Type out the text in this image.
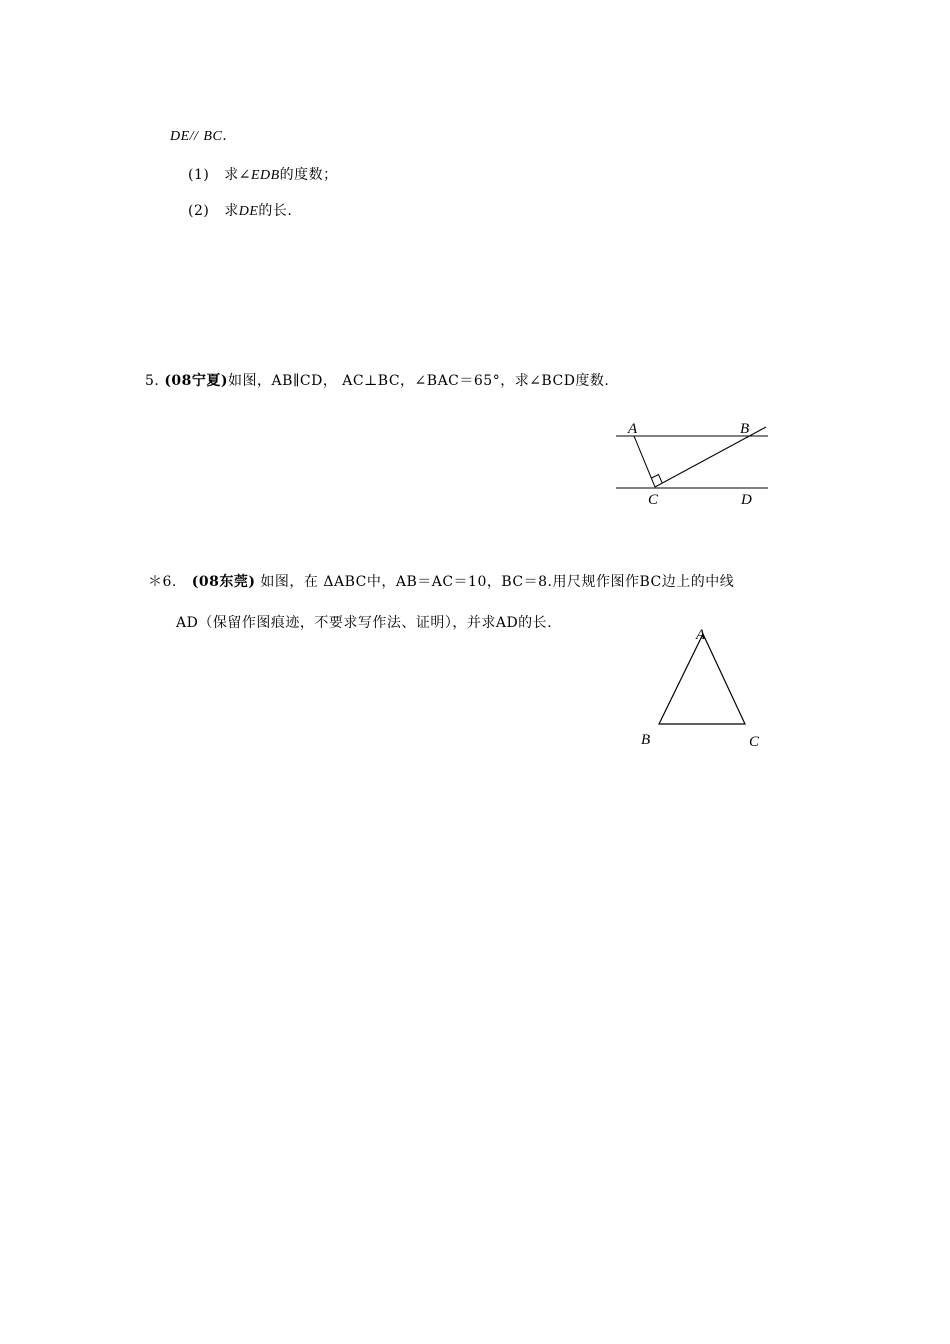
DE// BC.
(1) 求∠EDB的度数；
(2) 求DE的长.
5. (08宁夏)如图，AB∥CD， AC⊥BC，∠BAC＝65°，求∠BCD度数.
A	B
C	D
＊6. (08东莞) 如图，在 ΔABC中，AB＝AC＝10，BC＝8.用尺规作图作BC边上的中线
AD（保留作图痕迹，不要求写作法、证明），并求AD的长.
A
B	C
